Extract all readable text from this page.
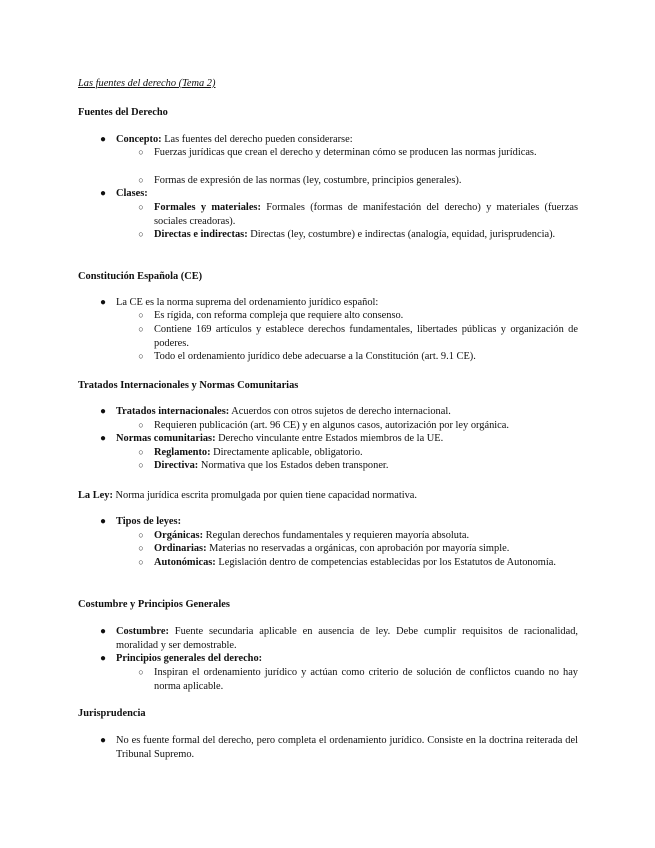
Las fuentes del derecho (Tema 2)
Fuentes del Derecho
● Concepto: Las fuentes del derecho pueden considerarse:
○ Fuerzas jurídicas que crean el derecho y determinan cómo se producen las normas jurídicas.
○ Formas de expresión de las normas (ley, costumbre, principios generales).
● Clases:
○ Formales y materiales: Formales (formas de manifestación del derecho) y materiales (fuerzas sociales creadoras).
○ Directas e indirectas: Directas (ley, costumbre) e indirectas (analogía, equidad, jurisprudencia).
Constitución Española (CE)
● La CE es la norma suprema del ordenamiento jurídico español:
○ Es rígida, con reforma compleja que requiere alto consenso.
○ Contiene 169 artículos y establece derechos fundamentales, libertades públicas y organización de poderes.
○ Todo el ordenamiento jurídico debe adecuarse a la Constitución (art. 9.1 CE).
Tratados Internacionales y Normas Comunitarias
● Tratados internacionales: Acuerdos con otros sujetos de derecho internacional.
○ Requieren publicación (art. 96 CE) y en algunos casos, autorización por ley orgánica.
● Normas comunitarias: Derecho vinculante entre Estados miembros de la UE.
○ Reglamento: Directamente aplicable, obligatorio.
○ Directiva: Normativa que los Estados deben transponer.
La Ley: Norma jurídica escrita promulgada por quien tiene capacidad normativa.
● Tipos de leyes:
○ Orgánicas: Regulan derechos fundamentales y requieren mayoría absoluta.
○ Ordinarias: Materias no reservadas a orgánicas, con aprobación por mayoría simple.
○ Autonómicas: Legislación dentro de competencias establecidas por los Estatutos de Autonomía.
Costumbre y Principios Generales
● Costumbre: Fuente secundaria aplicable en ausencia de ley. Debe cumplir requisitos de racionalidad, moralidad y ser demostrable.
● Principios generales del derecho:
○ Inspiran el ordenamiento jurídico y actúan como criterio de solución de conflictos cuando no hay norma aplicable.
Jurisprudencia
● No es fuente formal del derecho, pero completa el ordenamiento jurídico. Consiste en la doctrina reiterada del Tribunal Supremo.
